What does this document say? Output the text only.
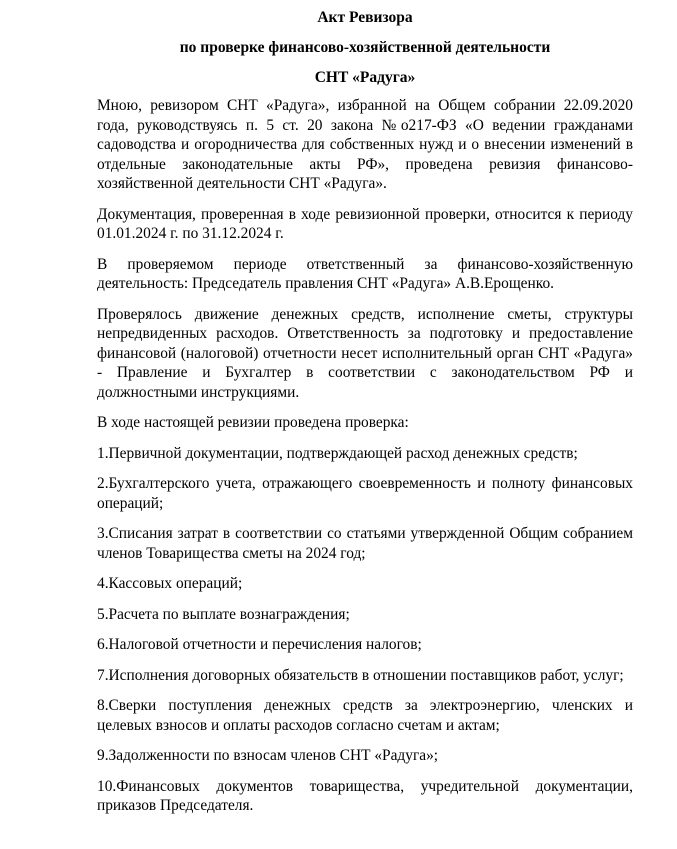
Акт Ревизора

по проверке финансово-хозяйственной деятельности

СНТ «Радуга»

Мною, ревизором СНТ «Радуга», избранной на Общем собрании 22.09.2020 года, руководствуясь п. 5 ст. 20 закона №о217-ФЗ «О ведении гражданами садоводства и огородничества для собственных нужд и о внесении изменений в отдельные законодательные акты РФ», проведена ревизия финансово-хозяйственной деятельности СНТ «Радуга».

Документация, проверенная в ходе ревизионной проверки, относится к периоду 01.01.2024 г. по 31.12.2024 г.

В проверяемом периоде ответственный за финансово-хозяйственную деятельность: Председатель правления СНТ «Радуга» А.В.Ерощенко.

Проверялось движение денежных средств, исполнение сметы, структуры непредвиденных расходов. Ответственность за подготовку и предоставление финансовой (налоговой) отчетности несет исполнительный орган СНТ «Радуга» - Правление и Бухгалтер в соответствии с законодательством РФ и должностными инструкциями.

В ходе настоящей ревизии проведена проверка:

1.Первичной документации, подтверждающей расход денежных средств;

2.Бухгалтерского учета, отражающего своевременность и полноту финансовых операций;

3.Списания затрат в соответствии со статьями утвержденной Общим собранием членов Товарищества сметы на 2024 год;

4.Кассовых операций;

5.Расчета по выплате вознаграждения;

6.Налоговой отчетности и перечисления налогов;

7.Исполнения договорных обязательств в отношении поставщиков работ, услуг;

8.Сверки поступления денежных средств за электроэнергию, членских и целевых взносов и оплаты расходов согласно счетам и актам;

9.Задолженности по взносам членов СНТ «Радуга»;

10.Финансовых документов товарищества, учредительной документации, приказов Председателя.
